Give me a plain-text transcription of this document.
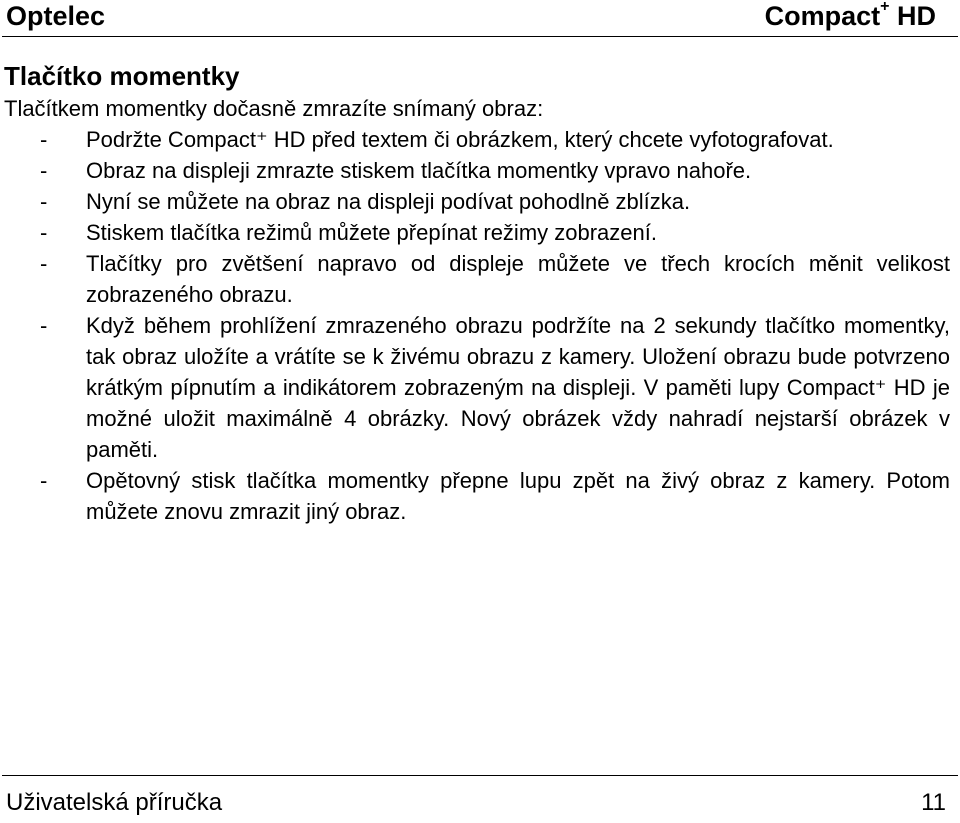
Optelec	Compact+ HD
Tlačítko momentky

Tlačítkem momentky dočasně zmrazíte snímaný obraz:

- Podržte Compact⁺ HD před textem či obrázkem, který chcete vyfotografovat.
- Obraz na displeji zmrazte stiskem tlačítka momentky vpravo nahoře.
- Nyní se můžete na obraz na displeji podívat pohodlně zblízka.
- Stiskem tlačítka režimů můžete přepínat režimy zobrazení.
- Tlačítky pro zvětšení napravo od displeje můžete ve třech krocích měnit velikost zobrazeného obrazu.
- Když během prohlížení zmrazeného obrazu podržíte na 2 sekundy tlačítko momentky, tak obraz uložíte a vrátíte se k živému obrazu z kamery. Uložení obrazu bude potvrzeno krátkým pípnutím a indikátorem zobrazeným na displeji. V paměti lupy Compact⁺ HD je možné uložit maximálně 4 obrázky. Nový obrázek vždy nahradí nejstarší obrázek v paměti.
- Opětovný stisk tlačítka momentky přepne lupu zpět na živý obraz z kamery. Potom můžete znovu zmrazit jiný obraz.
Uživatelská příručka	11
